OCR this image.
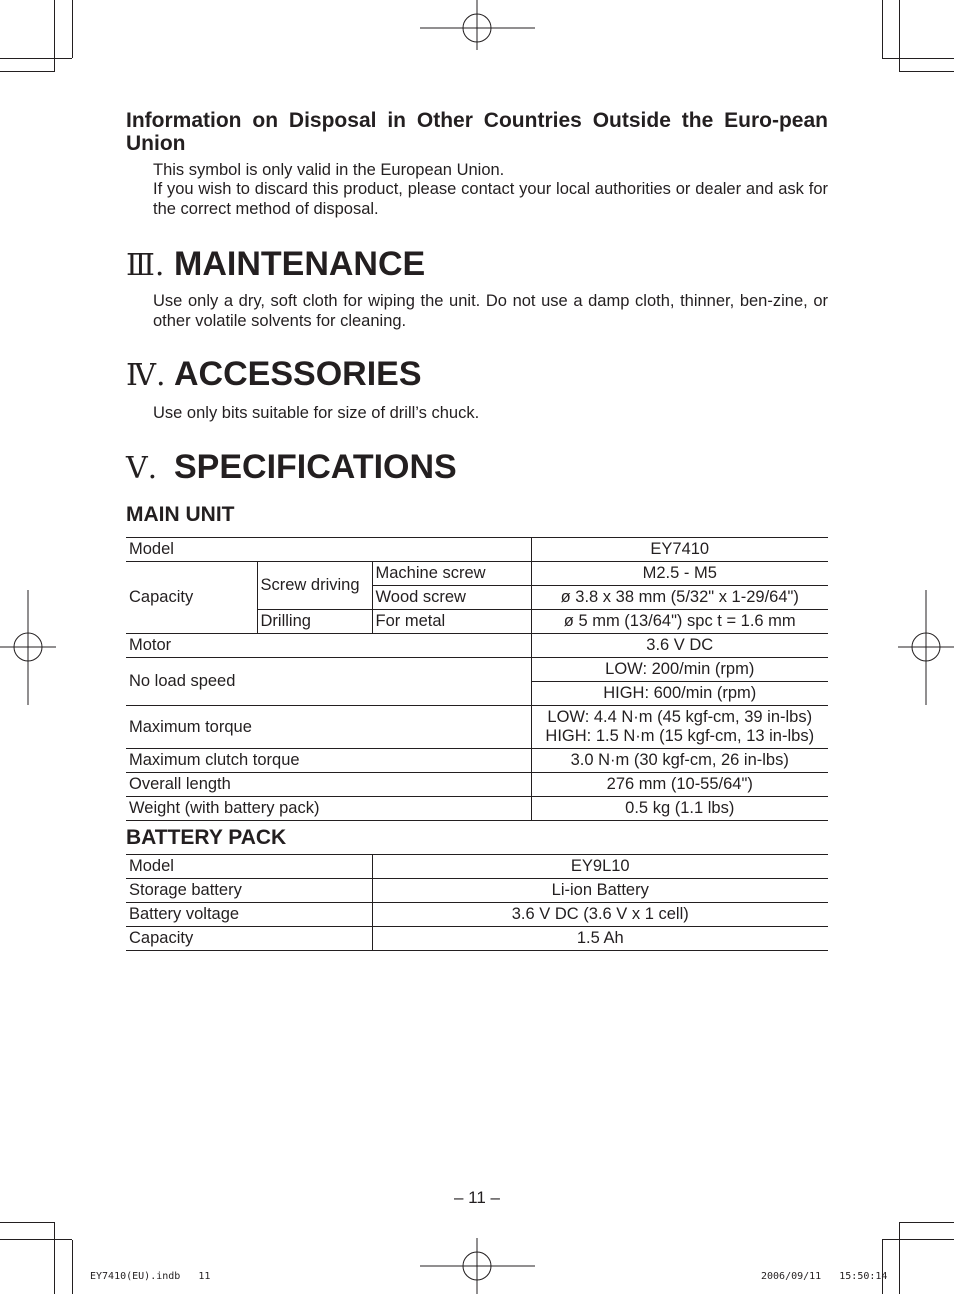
Information on Disposal in Other Countries Outside the Euro-pean Union

This symbol is only valid in the European Union.

If you wish to discard this product, please contact your local authorities or dealer and ask for the correct method of disposal.

Ⅲ. MAINTENANCE

Use only a dry, soft cloth for wiping the unit. Do not use a damp cloth, thinner, ben-zine, or other volatile solvents for cleaning.

Ⅳ. ACCESSORIES

Use only bits suitable for size of drill’s chuck.

Ⅴ. SPECIFICATIONS
MAIN UNIT
Model			EY7410
Capacity	Screw driving	Machine screw	M2.5 - M5
		Wood screw	ø 3.8 x 38 mm (5/32" x 1-29/64")
	Drilling	For metal	ø 5 mm (13/64") spc t = 1.6 mm
Motor			3.6 V DC
No load speed			LOW: 200/min (rpm)
			HIGH: 600/min (rpm)
Maximum torque			LOW: 4.4 N·m (45 kgf-cm, 39 in-lbs)
HIGH: 1.5 N·m (15 kgf-cm, 13 in-lbs)

Maximum clutch torque			3.0 N·m (30 kgf-cm, 26 in-lbs)
Overall length			276 mm (10-55/64")
Weight (with battery pack)			0.5 kg (1.1 lbs)
BATTERY PACK
Model	EY9L10
Storage battery	Li-ion Battery
Battery voltage	3.6 V DC (3.6 V x 1 cell)
Capacity	1.5 Ah
– 11 –
EY7410(EU).indb   11	2006/09/11   15:50:14
